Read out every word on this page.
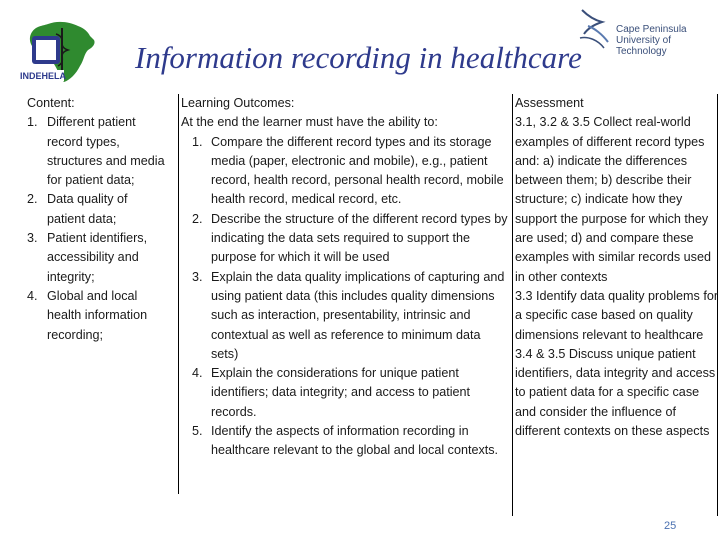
INDEHELA
Cape Peninsula
University of Technology
Information recording in healthcare
Content:
1. Different patient record types, structures and media for patient data;
2. Data quality of patient data;
3. Patient identifiers, accessibility and integrity;
4. Global and local health information recording;
Learning Outcomes:
At the end the learner must have the ability to:
1. Compare the different record types and its storage media (paper, electronic and mobile), e.g., patient record, health record, personal health record, mobile health record, medical record, etc.
2. Describe the structure of the different record types by indicating the data sets required to support the purpose for which it will be used
3. Explain the data quality implications of capturing and using patient data (this includes quality dimensions such as interaction, presentability, intrinsic and contextual as well as reference to minimum data sets)
4. Explain the considerations for unique patient identifiers; data integrity; and access to patient records.
5. Identify the aspects of information recording in healthcare relevant to the global and local contexts.
Assessment
3.1, 3.2 & 3.5 Collect real-world examples of different record types and: a) indicate the differences between them; b) describe their structure; c) indicate how they support the purpose for which they are used; d) and compare these examples with similar records used in other contexts
3.3 Identify data quality problems for a specific case based on quality dimensions relevant to healthcare
3.4 & 3.5 Discuss unique patient identifiers, data integrity and access to patient data for a specific case and consider the influence of different contexts on these aspects
25
